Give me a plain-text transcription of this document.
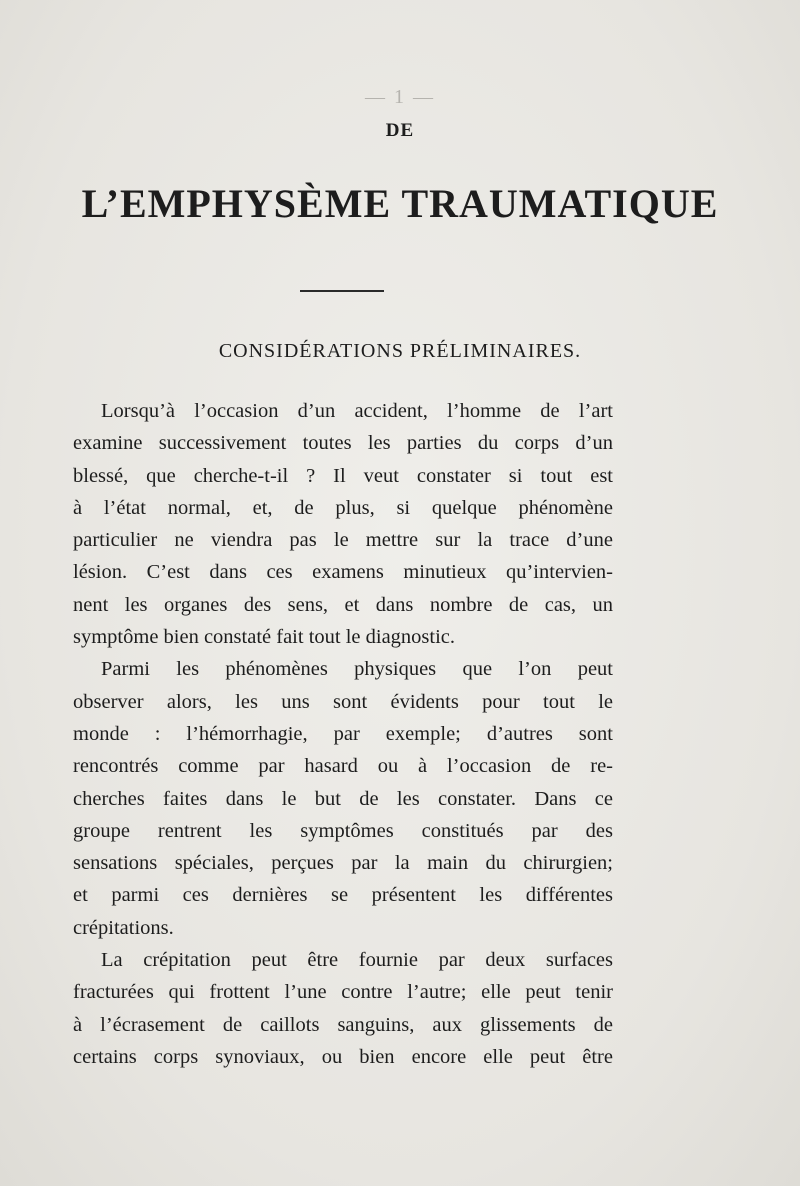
— 1 —
DE
L’EMPHYSÈME TRAUMATIQUE
CONSIDÉRATIONS PRÉLIMINAIRES.
Lorsqu’à l’occasion d’un accident, l’homme de l’art
examine successivement toutes les parties du corps d’un
blessé, que cherche-t-il ? Il veut constater si tout est
à l’état normal, et, de plus, si quelque phénomène
particulier ne viendra pas le mettre sur la trace d’une
lésion. C’est dans ces examens minutieux qu’intervien-
nent les organes des sens, et dans nombre de cas, un
symptôme bien constaté fait tout le diagnostic.
Parmi les phénomènes physiques que l’on peut
observer alors, les uns sont évidents pour tout le
monde : l’hémorrhagie, par exemple; d’autres sont
rencontrés comme par hasard ou à l’occasion de re-
cherches faites dans le but de les constater. Dans ce
groupe rentrent les symptômes constitués par des
sensations spéciales, perçues par la main du chirurgien;
et parmi ces dernières se présentent les différentes
crépitations.
La crépitation peut être fournie par deux surfaces
fracturées qui frottent l’une contre l’autre; elle peut tenir
à l’écrasement de caillots sanguins, aux glissements de
certains corps synoviaux, ou bien encore elle peut être
